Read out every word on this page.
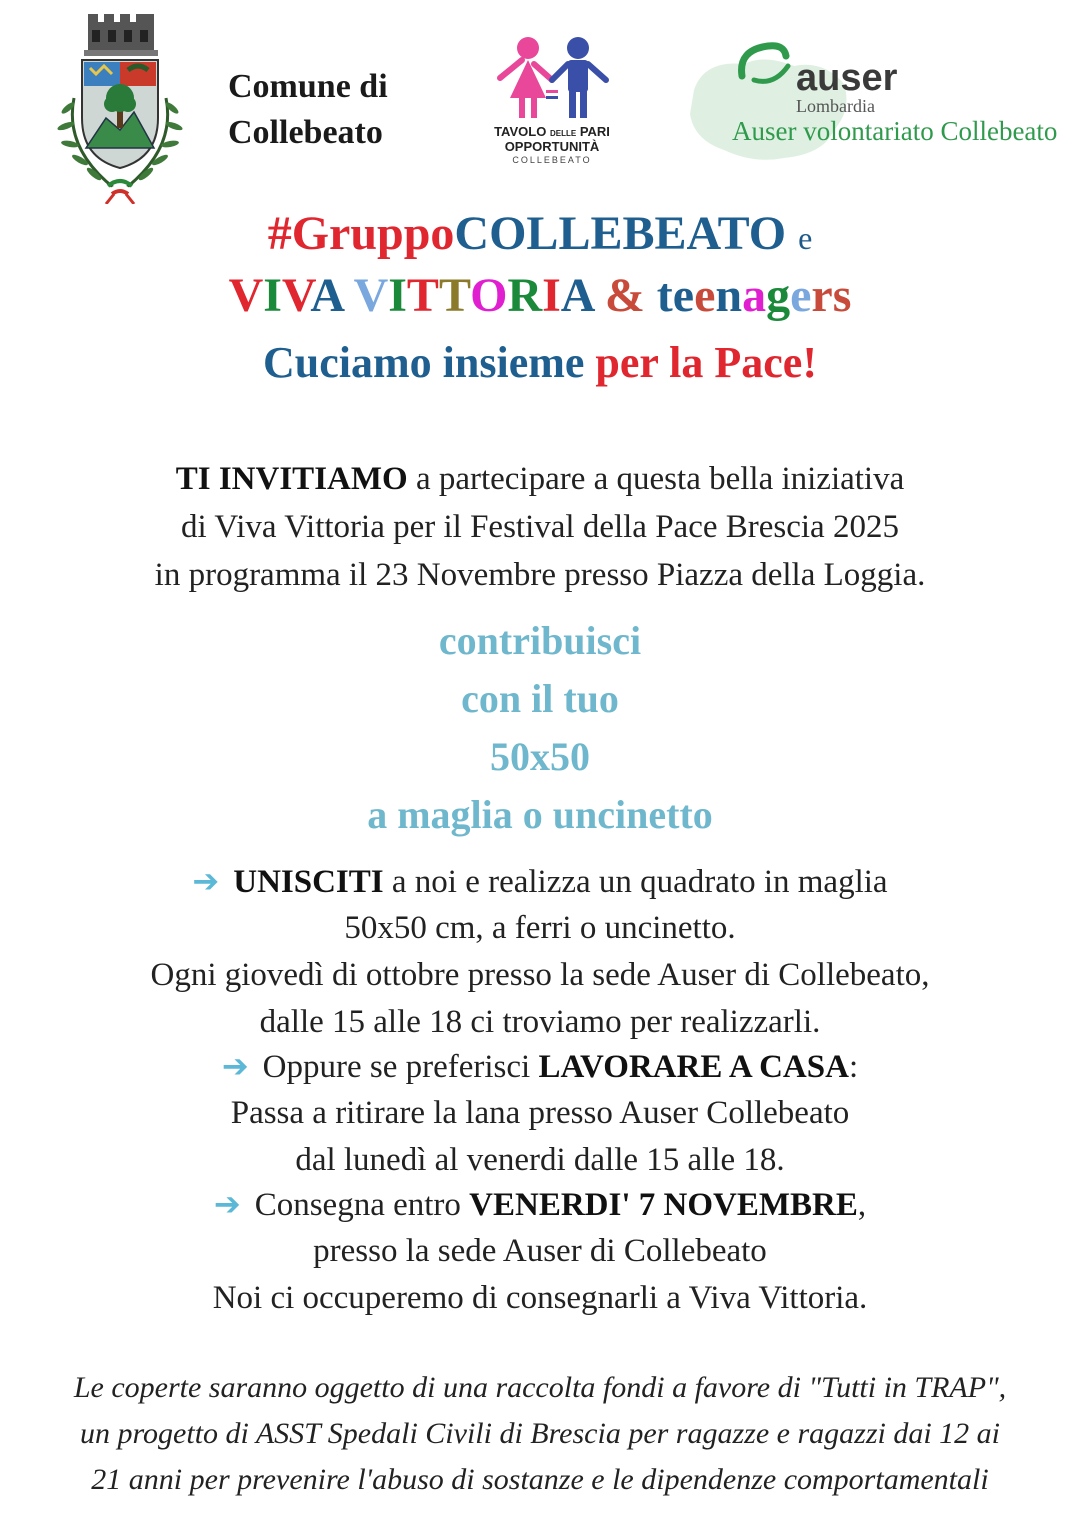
Comune di
Collebeato	TAVOLO DELLE PARI
OPPORTUNITÀ
COLLEBEATO
auser
Lombardia
Auser volontariato Collebeato
#GruppoCOLLEBEATO e
VIVA VITTORIA & teenagers
Cuciamo insieme per la Pace!
TI INVITIAMO a partecipare a questa bella iniziativa
di Viva Vittoria per il Festival della Pace Brescia 2025
in programma il 23 Novembre presso Piazza della Loggia.
contribuisci
con il tuo
50x50
a maglia o uncinetto
➔ UNISCITI a noi e realizza un quadrato in maglia
50x50 cm, a ferri o uncinetto.
Ogni giovedì di ottobre presso la sede Auser di Collebeato,
dalle 15 alle 18 ci troviamo per realizzarli.
➔ Oppure se preferisci LAVORARE A CASA:
Passa a ritirare la lana presso Auser Collebeato
dal lunedì al venerdi dalle 15 alle 18.
➔ Consegna entro VENERDI' 7 NOVEMBRE,
presso la sede Auser di Collebeato
Noi ci occuperemo di consegnarli a Viva Vittoria.
Le coperte saranno oggetto di una raccolta fondi a favore di "Tutti in TRAP",
un progetto di ASST Spedali Civili di Brescia per ragazze e ragazzi dai 12 ai
21 anni per prevenire l'abuso di sostanze e le dipendenze comportamentali
